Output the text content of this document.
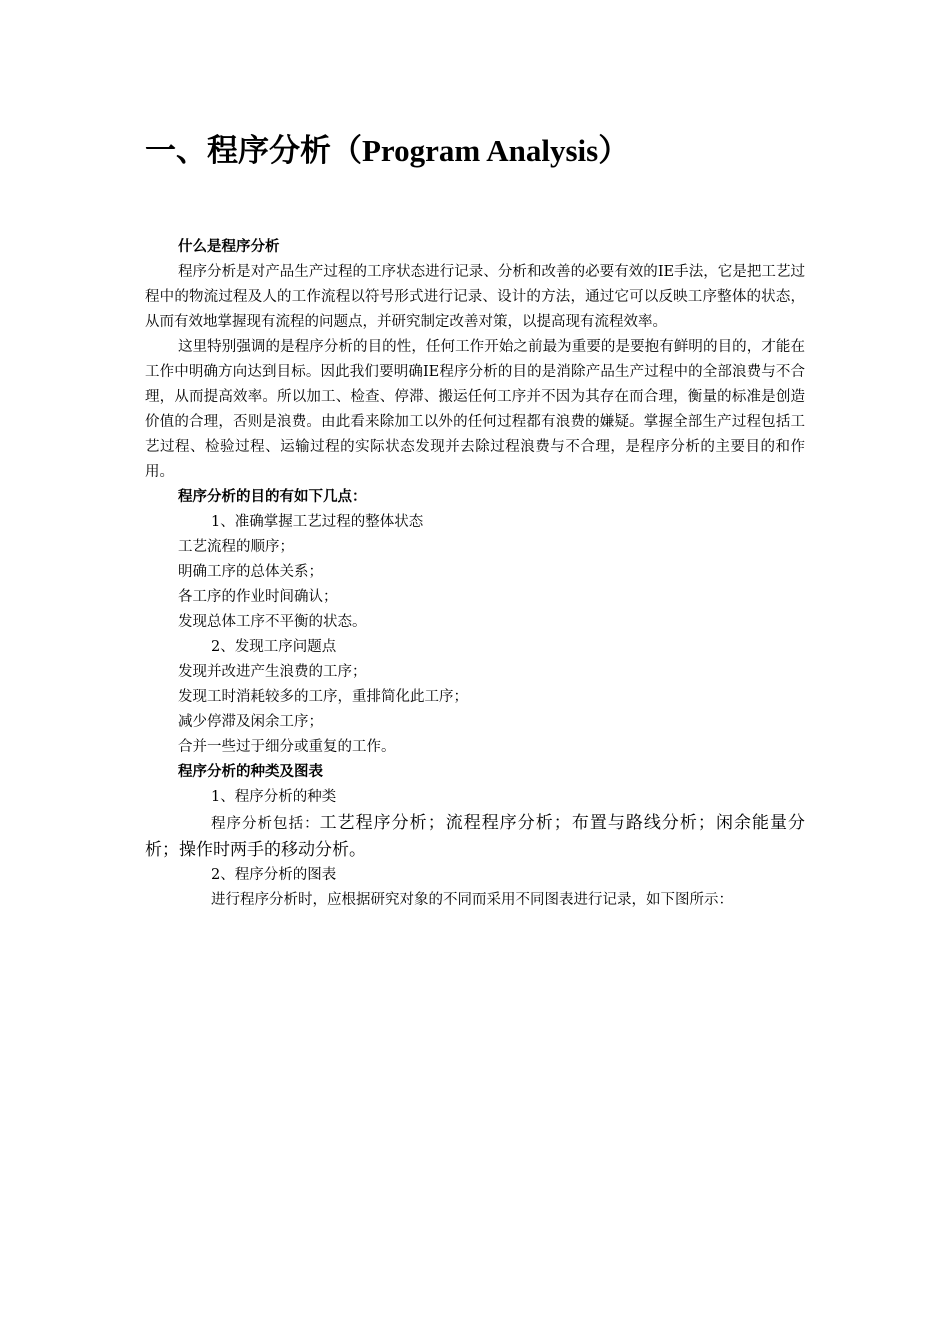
一、程序分析（Program Analysis）

什么是程序分析

程序分析是对产品生产过程的工序状态进行记录、分析和改善的必要有效的IE手法，它是把工艺过程中的物流过程及人的工作流程以符号形式进行记录、设计的方法，通过它可以反映工序整体的状态，从而有效地掌握现有流程的问题点，并研究制定改善对策，以提高现有流程效率。

这里特别强调的是程序分析的目的性，任何工作开始之前最为重要的是要抱有鲜明的目的，才能在工作中明确方向达到目标。因此我们要明确IE程序分析的目的是消除产品生产过程中的全部浪费与不合理，从而提高效率。所以加工、检查、停滞、搬运任何工序并不因为其存在而合理，衡量的标准是创造价值的合理，否则是浪费。由此看来除加工以外的任何过程都有浪费的嫌疑。掌握全部生产过程包括工艺过程、检验过程、运输过程的实际状态发现并去除过程浪费与不合理，是程序分析的主要目的和作用。

程序分析的目的有如下几点：

1、准确掌握工艺过程的整体状态

工艺流程的顺序；

明确工序的总体关系；

各工序的作业时间确认；

发现总体工序不平衡的状态。

2、发现工序问题点

发现并改进产生浪费的工序；

发现工时消耗较多的工序，重排简化此工序；

减少停滞及闲余工序；

合并一些过于细分或重复的工作。

程序分析的种类及图表

1、程序分析的种类

程序分析包括：工艺程序分析；流程程序分析；布置与路线分析；闲余能量分析；操作时两手的移动分析。

2、程序分析的图表

进行程序分析时，应根据研究对象的不同而采用不同图表进行记录，如下图所示：
